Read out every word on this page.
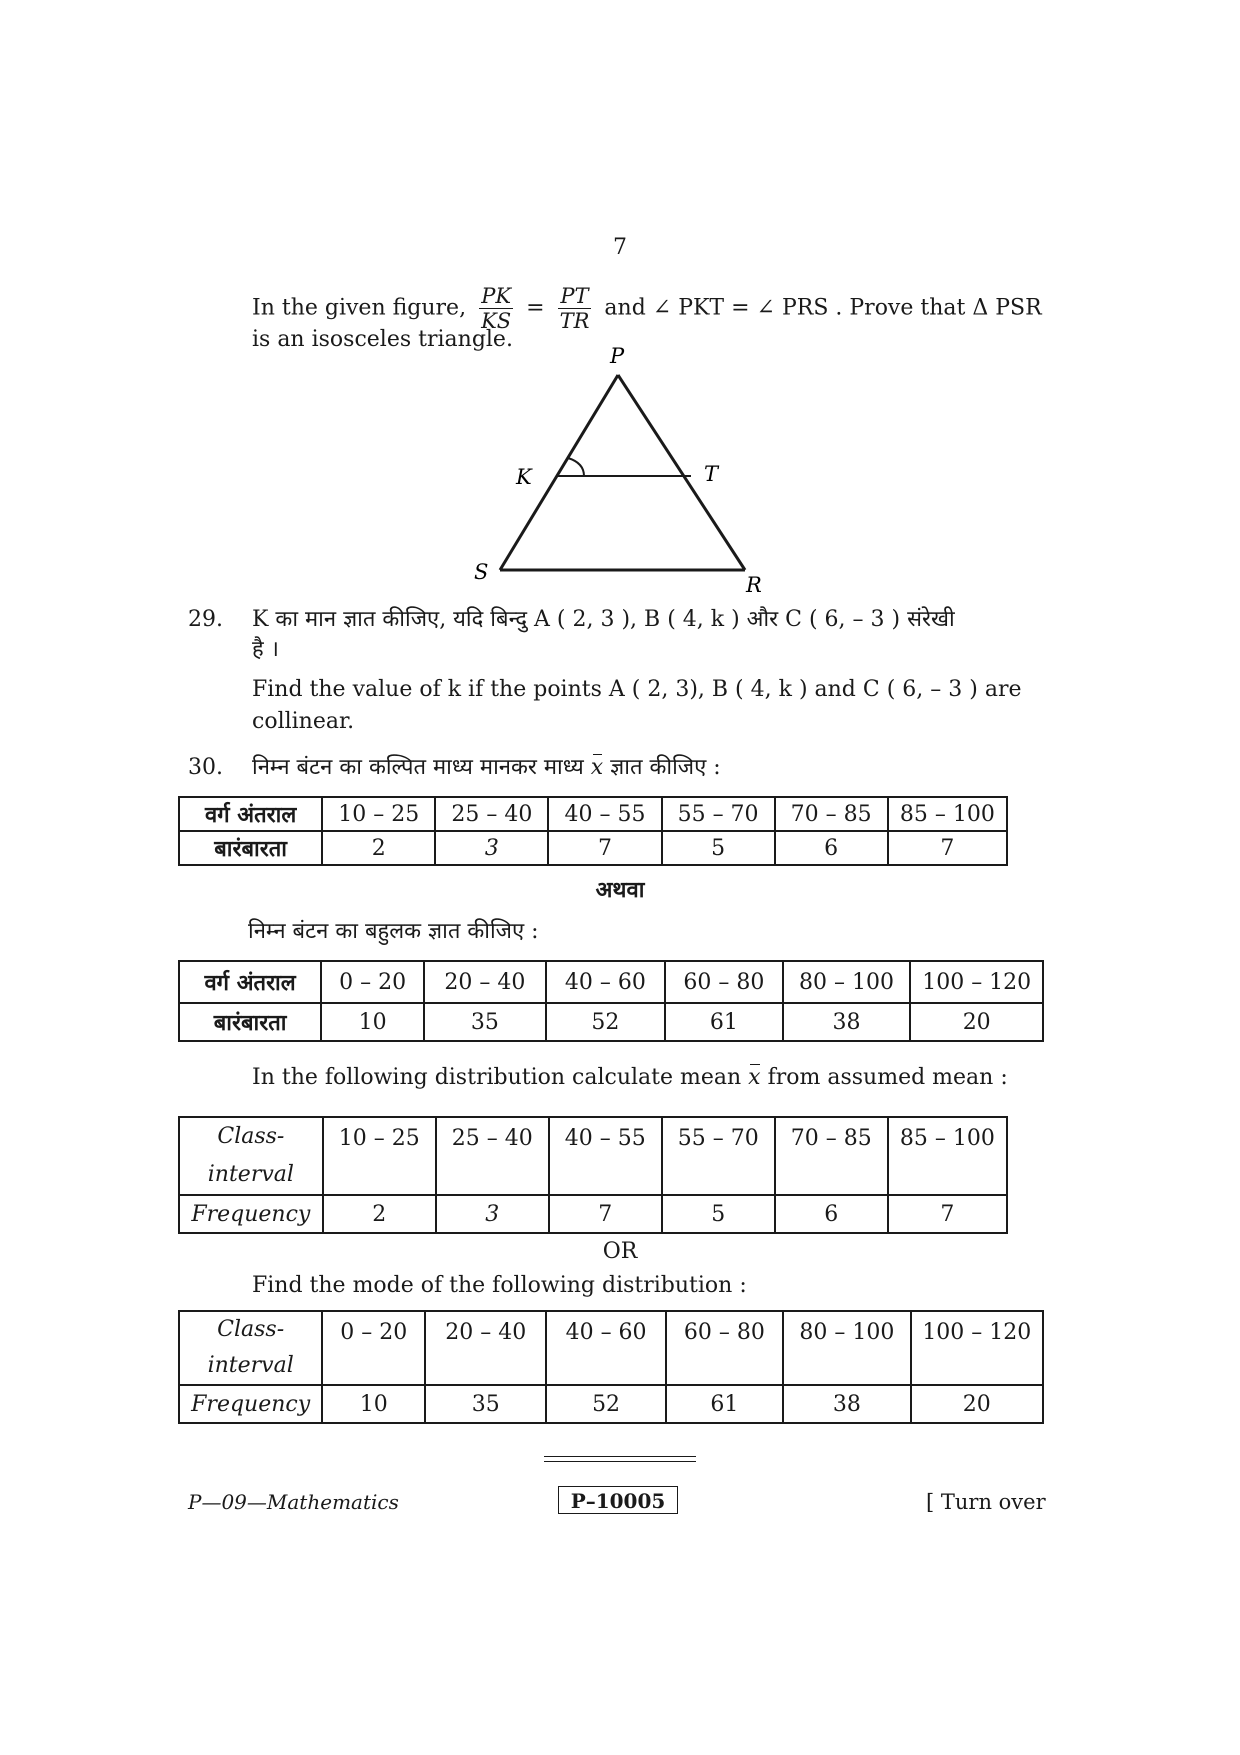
7
In the given figure, $\frac{PK}{KS} = \frac{PT}{TR}$ and ∠ PKT = ∠ PRS . Prove that Δ PSR
is an isosceles triangle.
P
K	T
S
R
29. K का मान ज्ञात कीजिए, यदि बिन्दु A ( 2, 3 ), B ( 4, k ) और C ( 6, – 3 ) संरेखी
है ।
Find the value of k if the points A ( 2, 3), B ( 4, k ) and C ( 6, – 3 ) are
collinear.
30. निम्न बंटन का कल्पित माध्य मानकर माध्य x ज्ञात कीजिए :
वर्ग अंतराल	10 – 25	25 – 40	40 – 55	55 – 70	70 – 85	85 – 100
बारंबारता	2	3	7	5	6	7
अथवा
निम्न बंटन का बहुलक ज्ञात कीजिए :
वर्ग अंतराल	0 – 20	20 – 40	40 – 60	60 – 80	80 – 100	100 – 120
बारंबारता	10	35	52	61	38	20
In the following distribution calculate mean x from assumed mean :
Class-
interval	10 – 25	25 – 40	40 – 55	55 – 70	70 – 85	85 – 100
Frequency	2	3	7	5	6	7
OR
Find the mode of the following distribution :
Class-
interval	0 – 20	20 – 40	40 – 60	60 – 80	80 – 100	100 – 120
Frequency	10	35	52	61	38	20
P—09—Mathematics	P–10005	[ Turn over
